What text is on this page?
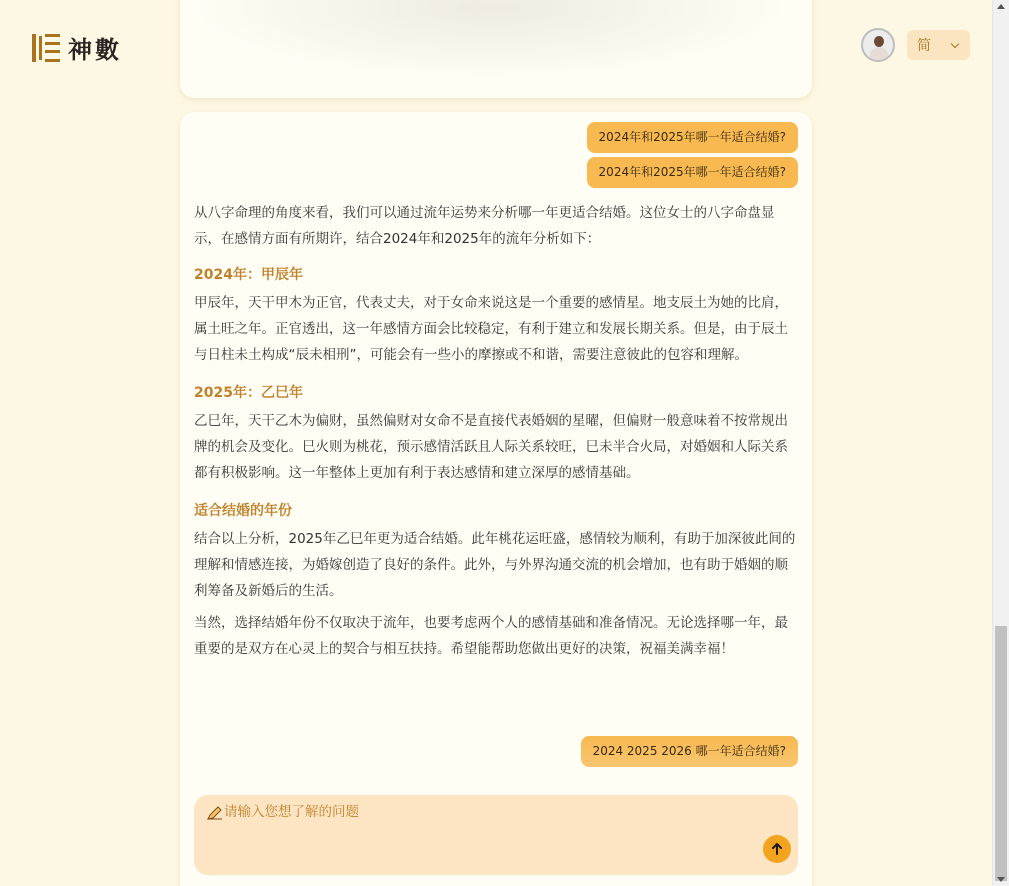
神數	简
2024年和2025年哪一年适合结婚?
2024年和2025年哪一年适合结婚?

从八字命理的角度来看，我们可以通过流年运势来分析哪一年更适合结婚。这位女士的八字命盘显示，在感情方面有所期许，结合2024年和2025年的流年分析如下：

2024年：甲辰年

甲辰年，天干甲木为正官，代表丈夫，对于女命来说这是一个重要的感情星。地支辰土为她的比肩，属土旺之年。正官透出，这一年感情方面会比较稳定，有利于建立和发展长期关系。但是，由于辰土与日柱未土构成“辰未相刑”，可能会有一些小的摩擦或不和谐，需要注意彼此的包容和理解。

2025年：乙巳年

乙巳年，天干乙木为偏财，虽然偏财对女命不是直接代表婚姻的星曜，但偏财一般意味着不按常规出牌的机会及变化。巳火则为桃花，预示感情活跃且人际关系较旺，巳未半合火局，对婚姻和人际关系都有积极影响。这一年整体上更加有利于表达感情和建立深厚的感情基础。

适合结婚的年份

结合以上分析，2025年乙巳年更为适合结婚。此年桃花运旺盛，感情较为顺利，有助于加深彼此间的理解和情感连接，为婚嫁创造了良好的条件。此外，与外界沟通交流的机会增加，也有助于婚姻的顺利筹备及新婚后的生活。

当然，选择结婚年份不仅取决于流年，也要考虑两个人的感情基础和准备情况。无论选择哪一年，最重要的是双方在心灵上的契合与相互扶持。希望能帮助您做出更好的决策，祝福美满幸福！

2024 2025 2026 哪一年适合结婚?
请输入您想了解的问题
